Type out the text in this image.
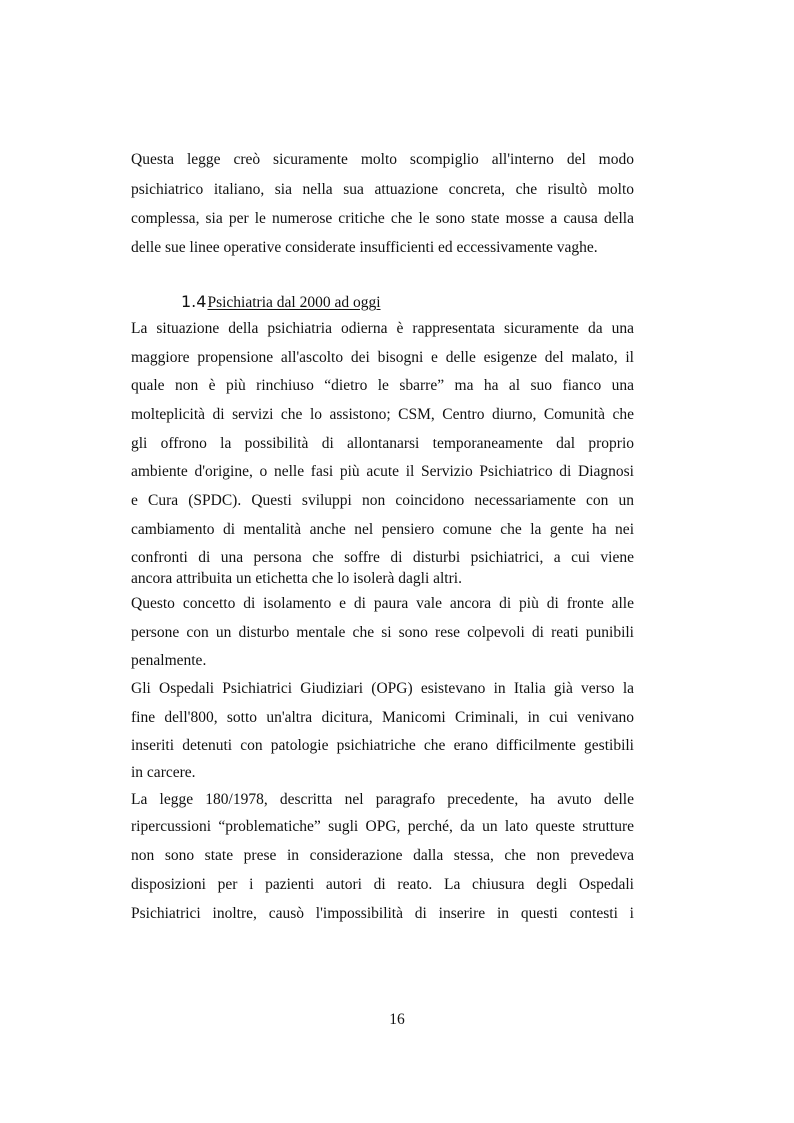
Questa legge creò sicuramente molto scompiglio all'interno del modo
psichiatrico italiano, sia nella sua attuazione concreta, che risultò molto
complessa, sia per le numerose critiche che le sono state mosse a causa della
delle sue linee operative considerate insufficienti ed eccessivamente vaghe.
1.4Psichiatria dal 2000 ad oggi
La situazione della psichiatria odierna è rappresentata sicuramente da una
maggiore propensione all'ascolto dei bisogni e delle esigenze del malato, il
quale non è più rinchiuso “dietro le sbarre” ma ha al suo fianco una
molteplicità di servizi che lo assistono; CSM, Centro diurno, Comunità che
gli offrono la possibilità di allontanarsi temporaneamente dal proprio
ambiente d'origine, o nelle fasi più acute il Servizio Psichiatrico di Diagnosi
e Cura (SPDC). Questi sviluppi non coincidono necessariamente con un
cambiamento di mentalità anche nel pensiero comune che la gente ha nei
confronti di una persona che soffre di disturbi psichiatrici, a cui viene
ancora attribuita un etichetta che lo isolerà dagli altri.
Questo concetto di isolamento e di paura vale ancora di più di fronte alle
persone con un disturbo mentale che si sono rese colpevoli di reati punibili
penalmente.
Gli Ospedali Psichiatrici Giudiziari (OPG) esistevano in Italia già verso la
fine dell'800, sotto un'altra dicitura, Manicomi Criminali, in cui venivano
inseriti detenuti con patologie psichiatriche che erano difficilmente gestibili
in carcere.
La legge 180/1978, descritta nel paragrafo precedente, ha avuto delle
ripercussioni “problematiche” sugli OPG, perché, da un lato queste strutture
non sono state prese in considerazione dalla stessa, che non prevedeva
disposizioni per i pazienti autori di reato. La chiusura degli Ospedali
Psichiatrici inoltre, causò l'impossibilità di inserire in questi contesti i
16
